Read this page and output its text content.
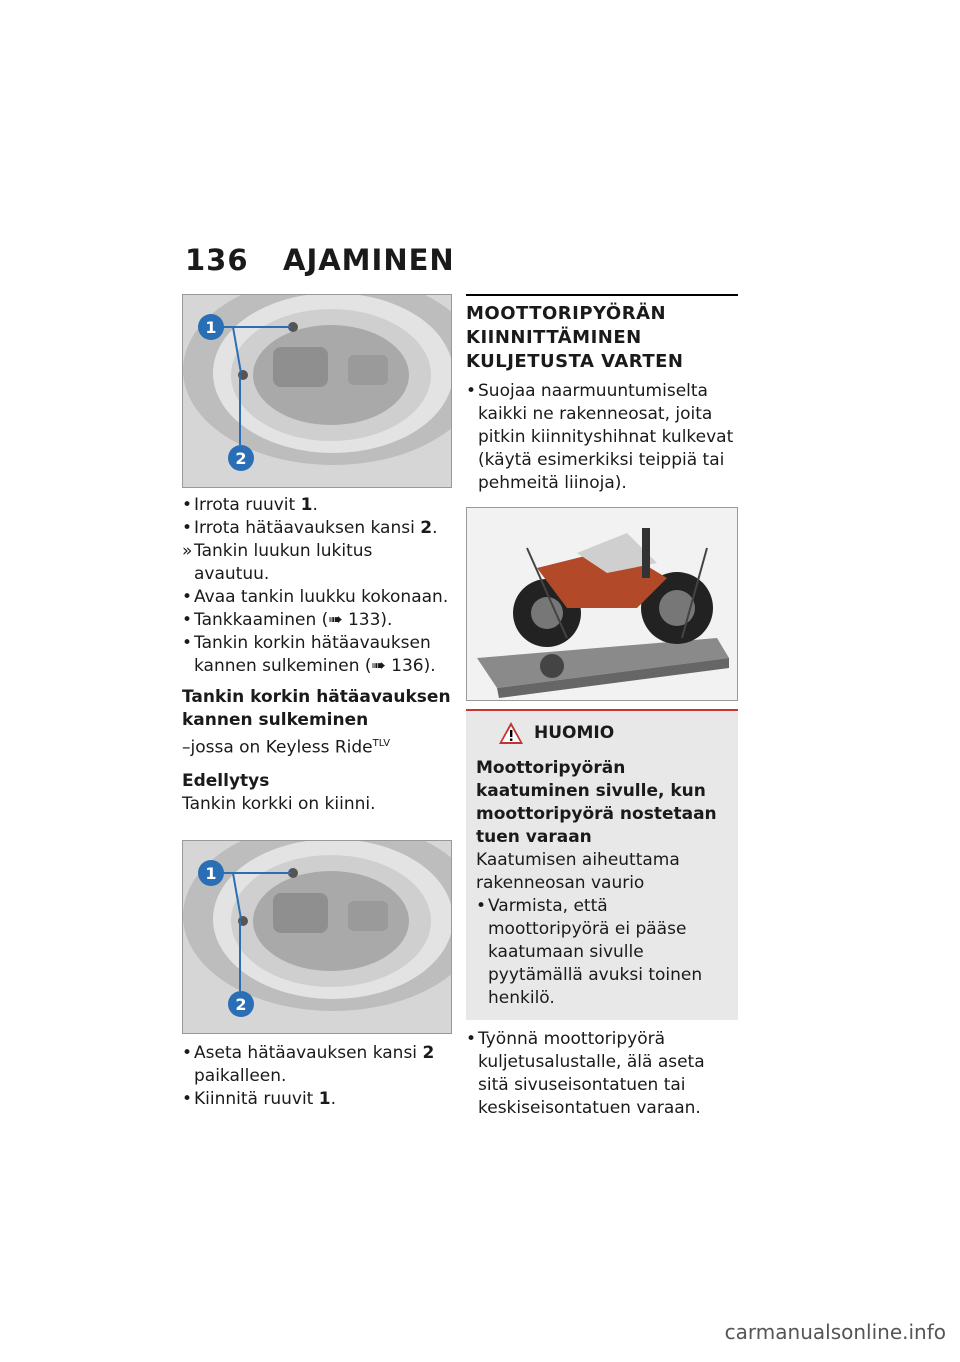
136 AJAMINEN
1
2
• Irrota ruuvit 1.
• Irrota hätäavauksen kansi 2.
» Tankin luukun lukitus avautuu.
• Avaa tankin luukku kokonaan.
• Tankkaaminen (➠ 133).
• Tankin korkin hätäavauksen kannen sulkeminen (➠ 136).
Tankin korkin hätäavauksen kannen sulkeminen

–jossa on Keyless Ride$^{TLV}$

Edellytys

Tankin korkki on kiinni.

1
2
• Aseta hätäavauksen kansi 2 paikalleen.
• Kiinnitä ruuvit 1.
MOOTTORIPYÖRÄN KIINNITTÄMINEN KULJETUSTA VARTEN
• Suojaa naarmuuntumiselta kaikki ne rakenneosat, joita pitkin kiinnityshihnat kulkevat (käytä esimerkiksi teippiä tai pehmeitä liinoja).
HUOMIO
Moottoripyörän kaatuminen sivulle, kun moottoripyörä nostetaan tuen varaan

Kaatumisen aiheuttama rakenneosan vaurio

• Varmista, että moottoripyörä ei pääse kaatumaan sivulle pyytämällä avuksi toinen henkilö.
• Työnnä moottoripyörä kuljetusalustalle, älä aseta sitä sivuseisontatuen tai keskiseisontatuen varaan.
carmanualsonline.info
